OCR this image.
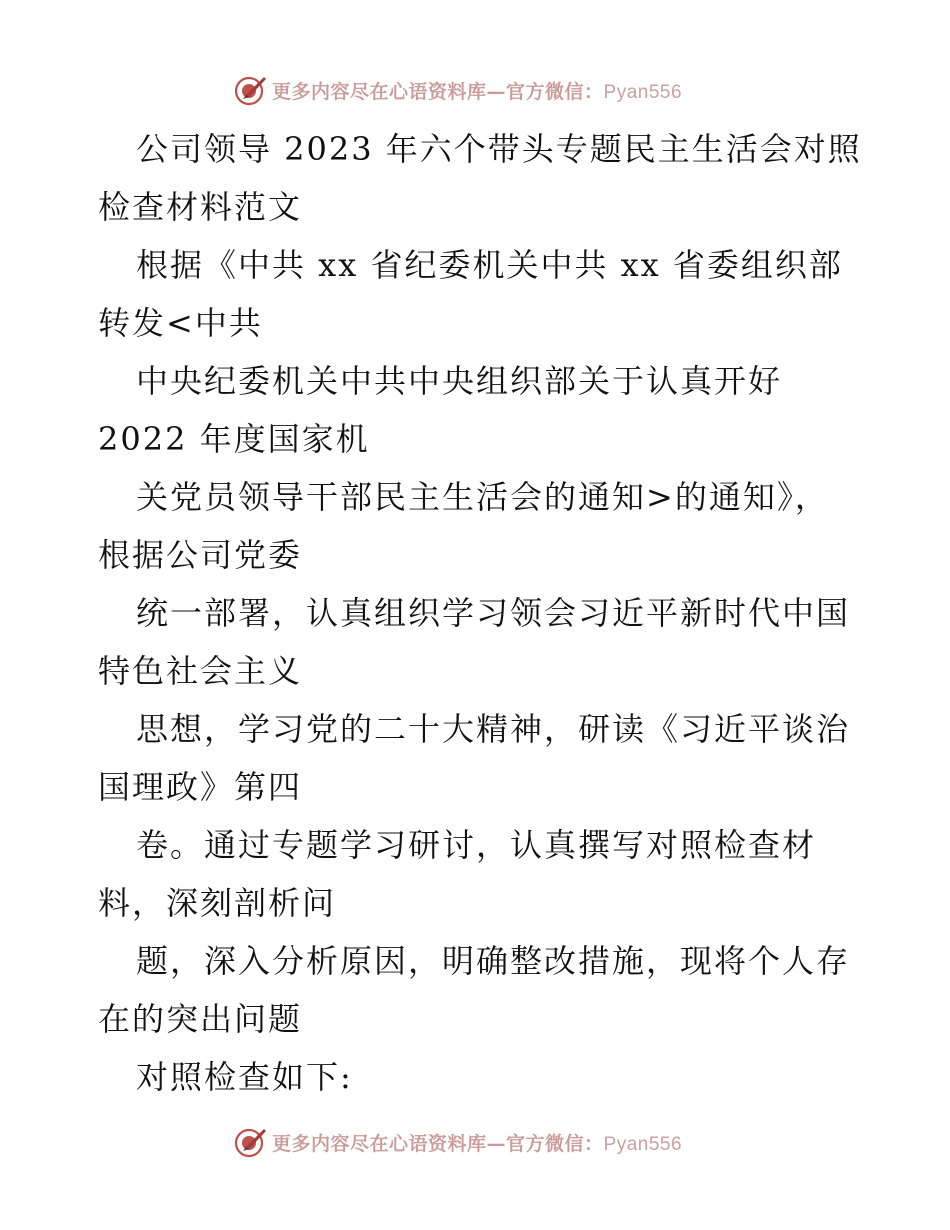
更多内容尽在心语资料库—官方微信：Pyan556
公司领导 2023 年六个带头专题民主生活会对照
检查材料范文
根据《中共 xx 省纪委机关中共 xx 省委组织部
转发<中共
中央纪委机关中共中央组织部关于认真开好
2022 年度国家机
关党员领导干部民主生活会的通知>的通知》，
根据公司党委
统一部署，认真组织学习领会习近平新时代中国
特色社会主义
思想，学习党的二十大精神，研读《习近平谈治
国理政》第四
卷。通过专题学习研讨，认真撰写对照检查材
料，深刻剖析问
题，深入分析原因，明确整改措施，现将个人存
在的突出问题
对照检查如下:
更多内容尽在心语资料库—官方微信：Pyan556
